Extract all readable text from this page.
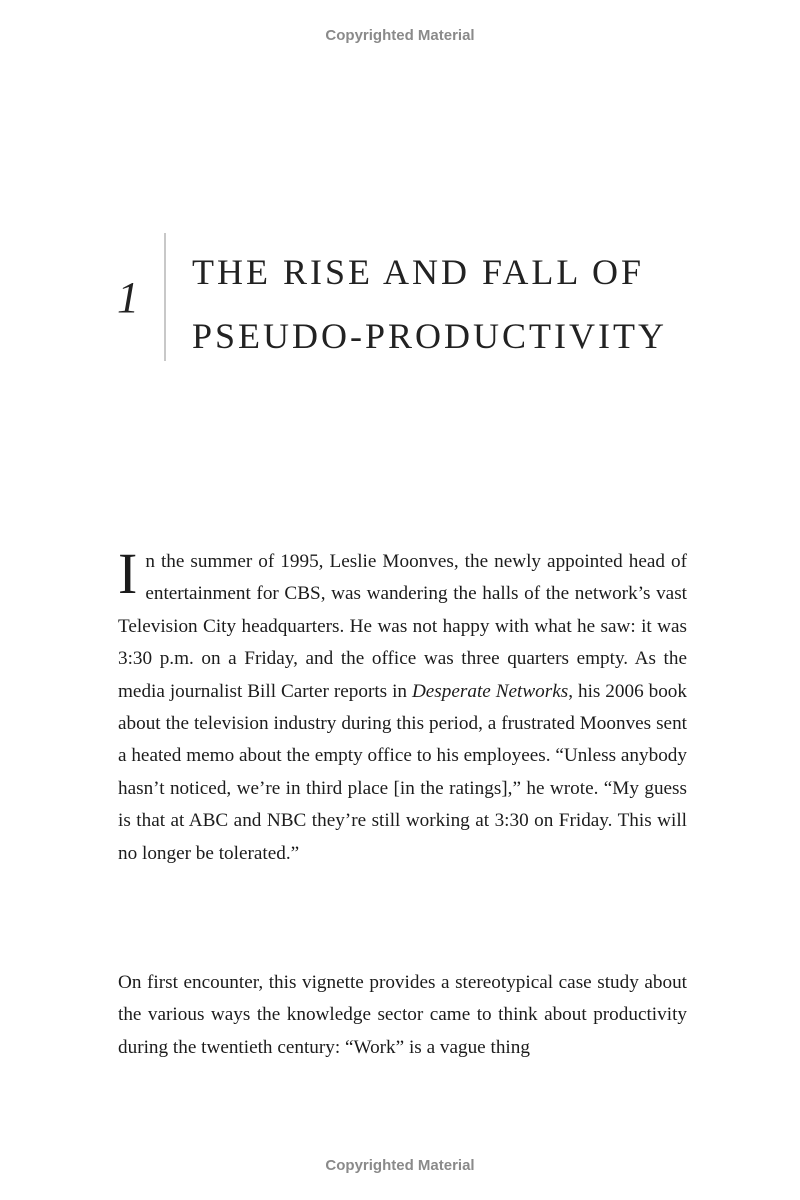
Copyrighted Material
1
THE RISE AND FALL OF
PSEUDO-PRODUCTIVITY

In the summer of 1995, Leslie Moonves, the newly appointed head of entertainment for CBS, was wandering the halls of the network’s vast Television City headquarters. He was not happy with what he saw: it was 3:30 p.m. on a Friday, and the office was three quarters empty. As the media journalist Bill Carter reports in Desperate Networks, his 2006 book about the television industry during this period, a frustrated Moonves sent a heated memo about the empty office to his employees. “Unless anybody hasn’t noticed, we’re in third place [in the ratings],” he wrote. “My guess is that at ABC and NBC they’re still working at 3:30 on Friday. This will no longer be tolerated.”

On first encounter, this vignette provides a stereotypical case study about the various ways the knowledge sector came to think about productivity during the twentieth century: “Work” is a vague thing

Copyrighted Material
